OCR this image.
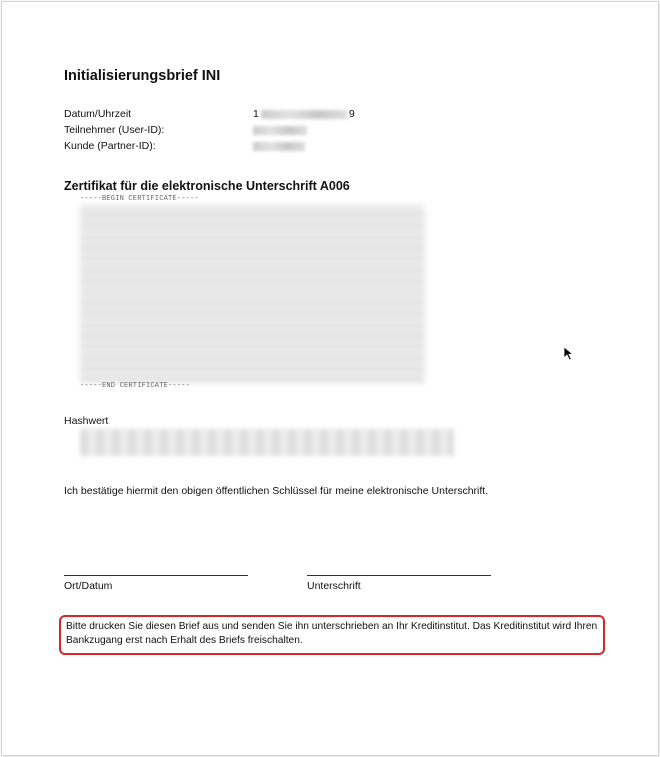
Initialisierungsbrief INI
Datum/Uhrzeit	1	9
Teilnehmer (User-ID):
Kunde (Partner-ID):
Zertifikat für die elektronische Unterschrift A006
-----BEGIN CERTIFICATE-----
-----END CERTIFICATE-----
Hashwert
Ich bestätige hiermit den obigen öffentlichen Schlüssel für meine elektronische Unterschrift.
Ort/Datum	Unterschrift
Bitte drucken Sie diesen Brief aus und senden Sie ihn unterschrieben an Ihr Kreditinstitut. Das Kreditinstitut wird Ihren Bankzugang erst nach Erhalt des Briefs freischalten.
